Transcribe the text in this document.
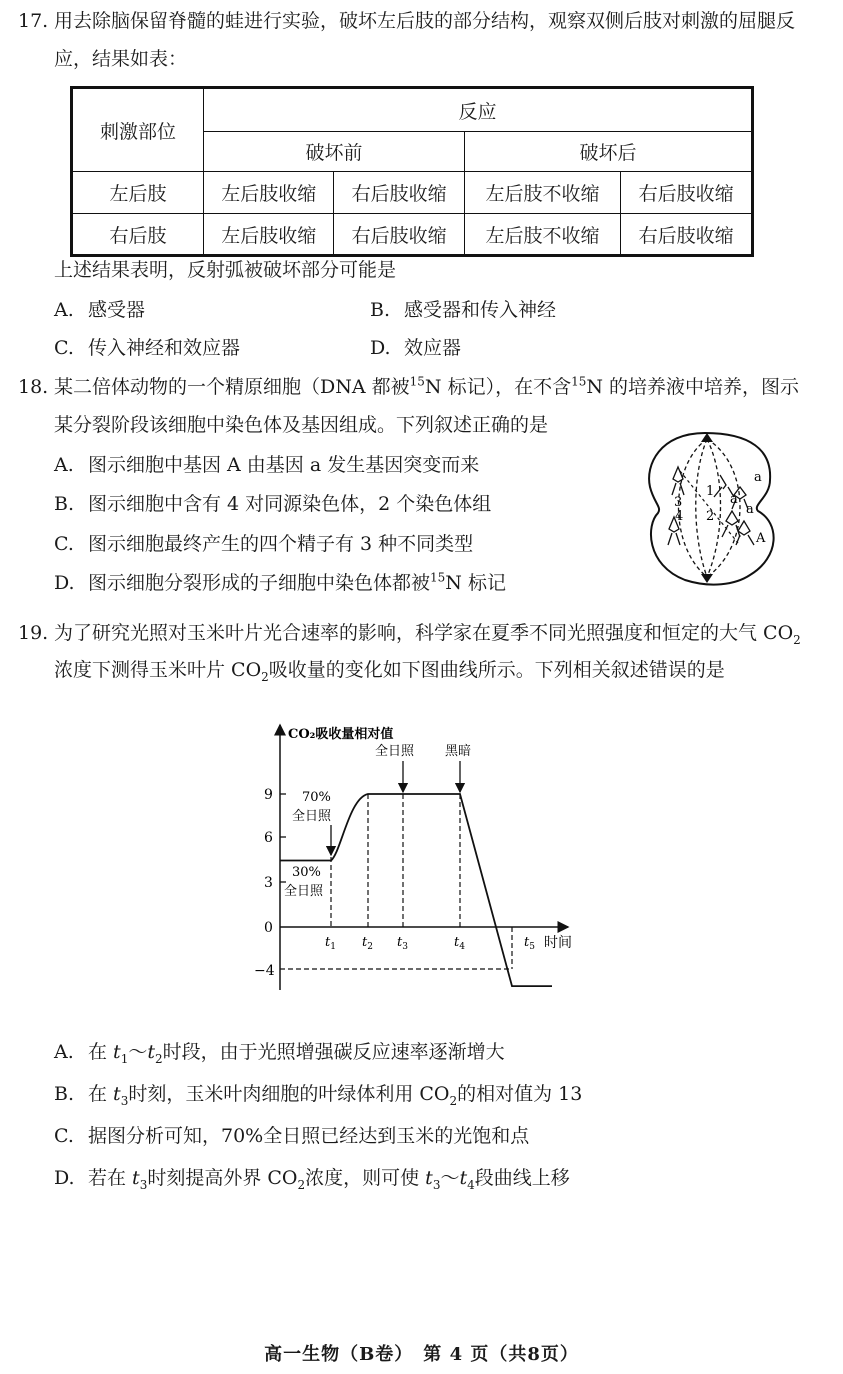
17. 用去除脑保留脊髓的蛙进行实验，破坏左后肢的部分结构，观察双侧后肢对刺激的屈腿反
应，结果如表：
刺激部位	反应			
	破坏前		破坏后	
左后肢	左后肢收缩	右后肢收缩	左后肢不收缩	右后肢收缩
右后肢	左后肢收缩	右后肢收缩	左后肢不收缩	右后肢收缩
上述结果表明，反射弧被破坏部分可能是
A. 感受器	B. 感受器和传入神经
C. 传入神经和效应器	D. 效应器
18. 某二倍体动物的一个精原细胞（DNA 都被$^{15}$N 标记），在不含$^{15}$N 的培养液中培养，图示
某分裂阶段该细胞中染色体及基因组成。下列叙述正确的是
A. 图示细胞中基因 A 由基因 a 发生基因突变而来
B. 图示细胞中含有 4 对同源染色体，2 个染色体组
C. 图示细胞最终产生的四个精子有 3 种不同类型
D. 图示细胞分裂形成的子细胞中染色体都被$^{15}$N 标记
1
2
3
4
a
a
a
A
19. 为了研究光照对玉米叶片光合速率的影响，科学家在夏季不同光照强度和恒定的大气 $CO_2$
浓度下测得玉米叶片 $CO_2$吸收量的变化如下图曲线所示。下列相关叙述错误的是
CO₂吸收量相对值
时间
9
6
3
0
−4
$t_1$ $t_2$ $t_3$	$t_4$	$t_5$
70%
全日照
30%
全日照
全日照 黑暗
A. 在 $t_1\sim t_2$时段，由于光照增强碳反应速率逐渐增大
B. 在 $t_3$时刻，玉米叶肉细胞的叶绿体利用 $CO_2$的相对值为 13
C. 据图分析可知，70%全日照已经达到玉米的光饱和点
D. 若在 $t_3$时刻提高外界 $CO_2$浓度，则可使 $t_3\sim t_4$段曲线上移
高一生物（B卷）　第 4 页（共8页）
